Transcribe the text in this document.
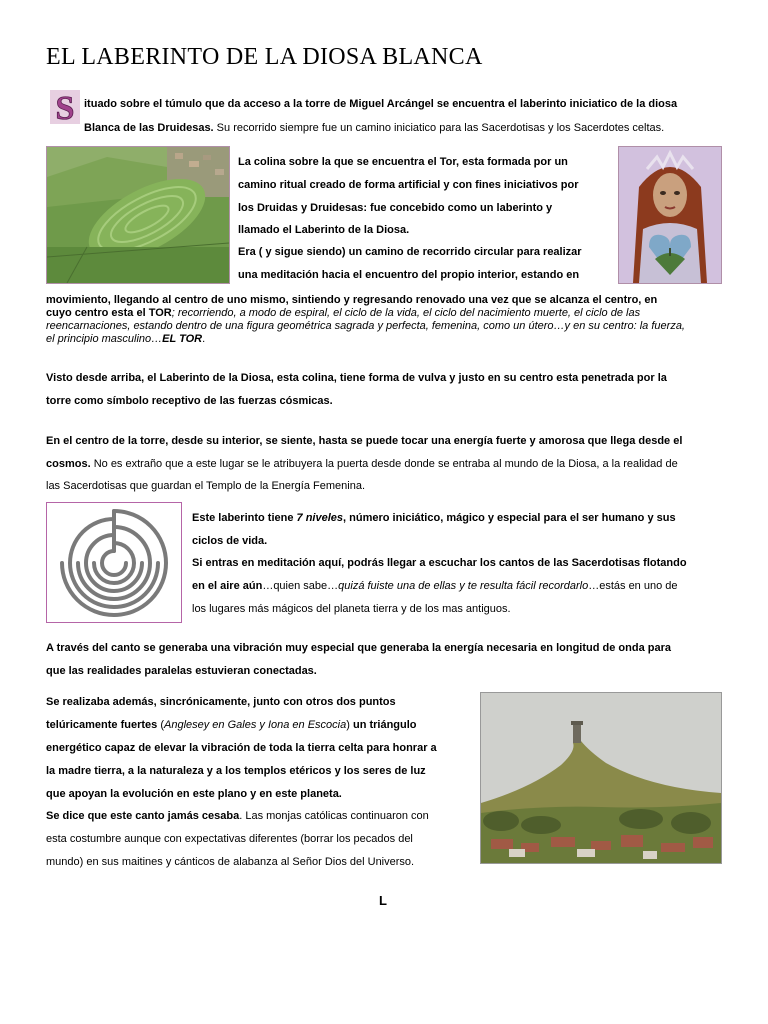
EL LABERINTO DE LA DIOSA BLANCA
S ituado sobre el túmulo que da acceso a la torre de Miguel Arcángel se encuentra el laberinto iniciatico de la diosa
Blanca de las Druidesas. Su recorrido siempre fue un camino iniciatico para las Sacerdotisas y los Sacerdotes celtas.
La colina sobre la que se encuentra el Tor, esta formada por un
camino ritual creado de forma artificial y con fines iniciativos por
los Druidas y Druidesas: fue concebido como un laberinto y
llamado el Laberinto de la Diosa.
Era ( y sigue siendo) un camino de recorrido circular para realizar
una meditación hacia el encuentro del propio interior, estando en
movimiento, llegando al centro de uno mismo, sintiendo y regresando renovado una vez que se alcanza el centro, en
cuyo centro esta el TOR; recorriendo, a modo de espiral, el ciclo de la vida, el ciclo del nacimiento muerte, el ciclo de las
reencarnaciones, estando dentro de una figura geométrica sagrada y perfecta, femenina, como un útero…y en su centro: la fuerza,
el principio masculino…EL TOR.
Visto desde arriba, el Laberinto de la Diosa, esta colina, tiene forma de vulva y justo en su centro esta penetrada por la
torre como símbolo receptivo de las fuerzas cósmicas.
En el centro de la torre, desde su interior, se siente, hasta se puede tocar una energía fuerte y amorosa que llega desde el
cosmos. No es extraño que a este lugar se le atribuyera la puerta desde donde se entraba al mundo de la Diosa, a la realidad de
las Sacerdotisas que guardan el Templo de la Energía Femenina.
Este laberinto tiene 7 niveles, número iniciático, mágico y especial para el ser humano y sus
ciclos de vida.
Si entras en meditación aquí, podrás llegar a escuchar los cantos de las Sacerdotisas flotando
en el aire aún…quien sabe…quizá fuiste una de ellas y te resulta fácil recordarlo…estás en uno de
los lugares más mágicos del planeta tierra y de los mas antiguos.
A través del canto se generaba una vibración muy especial que generaba la energía necesaria en longitud de onda para
que las realidades paralelas estuvieran conectadas.
Se realizaba además, sincrónicamente, junto con otros dos puntos
telúricamente fuertes (Anglesey en Gales y Iona en Escocia) un triángulo
energético capaz de elevar la vibración de toda la tierra celta para honrar a
la madre tierra, a la naturaleza y a los templos etéricos y los seres de luz
que apoyan la evolución en este plano y en este planeta.
Se dice que este canto jamás cesaba. Las monjas católicas continuaron con
esta costumbre aunque con expectativas diferentes (borrar los pecados del
mundo) en sus maitines y cánticos de alabanza al Señor Dios del Universo.
L
